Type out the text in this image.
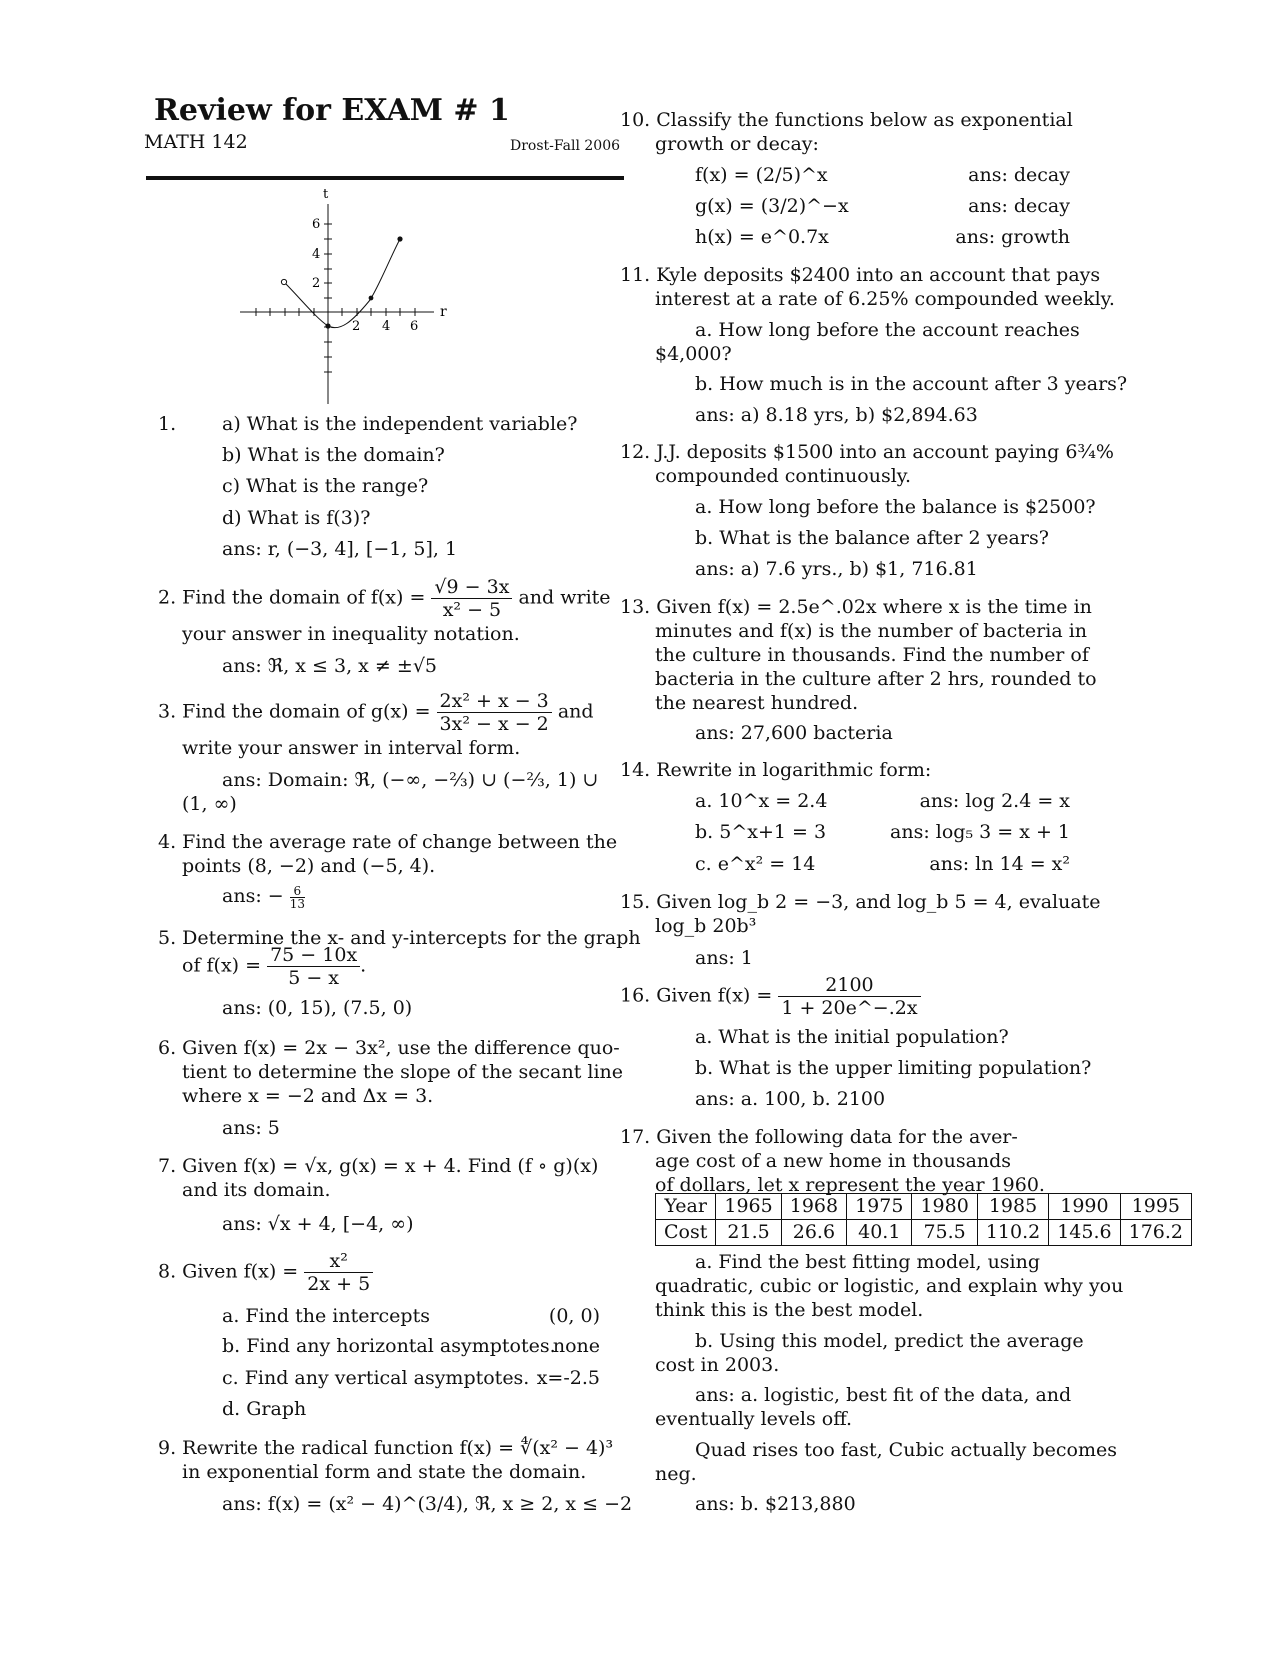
Review for EXAM # 1
MATH 142	Drost-Fall 2006
t
r
6
4
2
2 4 6
1. a) What is the independent variable?
b) What is the domain?
c) What is the range?
d) What is f(3)?
ans: r, (−3, 4], [−1, 5], 1
2. Find the domain of $f(x) = \frac{√9 - 3x}{\text{x² − 5}}$ and write
your answer in inequality notation.
ans: ℜ, x ≤ 3, x ≠ ±√5
3. Find the domain of $g(x) = \frac{\text{2x² + x − 3}}{\text{3x² − x − 2}}$ and
write your answer in interval form.
ans: Domain: ℜ, (−∞, −⅔) ∪ (−⅔, 1) ∪
(1, ∞)
4. Find the average rate of change between the
points (8, −2) and (−5, 4).
ans: − $\frac{6}{13}$
5. Determine the x- and y-intercepts for the graph
of $f(x) = \frac{75 - 10x}{5 - x}$ .
ans: (0, 15), (7.5, 0)
6. Given f(x) = 2x − 3x², use the difference quo-
tient to determine the slope of the secant line
where x = −2 and Δx = 3.
ans: 5
7. Given f(x) = √x, g(x) = x + 4. Find (f ∘ g)(x)
and its domain.
ans: √x + 4, [−4, ∞)
8. Given $f(x) = \frac{\text{x²}}{2x + 5}$
a. Find the intercepts	(0, 0)
b. Find any horizontal asymptotes.
none
c. Find any vertical asymptotes. x=-2.5
d. Graph
9. Rewrite the radical function f(x) = ∜(x² − 4)³
in exponential form and state the domain.
ans: f(x) = (x² − 4)^(3/4), ℜ, x ≥ 2, x ≤ −2
10. Classify the functions below as exponential
growth or decay:
f(x) = (2/5)^x	ans: decay
g(x) = (3/2)^−x	ans: decay
h(x) = e^0.7x	ans: growth
11. Kyle deposits $2400 into an account that pays
interest at a rate of 6.25% compounded weekly.
a. How long before the account reaches
$4,000?
b. How much is in the account after 3 years?
ans: a) 8.18 yrs, b) $2,894.63
12. J.J. deposits $1500 into an account paying 6¾%
compounded continuously.
a. How long before the balance is $2500?
b. What is the balance after 2 years?
ans: a) 7.6 yrs., b) $1, 716.81
13. Given f(x) = 2.5e^.02x where x is the time in
minutes and f(x) is the number of bacteria in
the culture in thousands. Find the number of
bacteria in the culture after 2 hrs, rounded to
the nearest hundred.
ans: 27,600 bacteria
14. Rewrite in logarithmic form:
a. 10^x = 2.4	ans: log 2.4 = x
b. 5^x+1 = 3	ans: log₅ 3 = x + 1
c. e^x² = 14	ans: ln 14 = x²
15. Given log_b 2 = −3, and log_b 5 = 4, evaluate
log_b 20b³
ans: 1
16. Given $f(x) = \frac{2100}{1 + 20e\^{}-.2x}$
a. What is the initial population?
b. What is the upper limiting population?
ans: a. 100, b. 2100
17. Given the following data for the aver-
age cost of a new home in thousands
of dollars, let x represent the year 1960.
Year	1965	1968	1975	1980	1985	1990	1995
Cost	21.5	26.6	40.1	75.5	110.2	145.6	176.2
a. Find the best fitting model, using
quadratic, cubic or logistic, and explain why you
think this is the best model.
b. Using this model, predict the average
cost in 2003.
ans: a. logistic, best fit of the data, and
eventually levels off.
Quad rises too fast, Cubic actually becomes
neg.
ans: b. $213,880
